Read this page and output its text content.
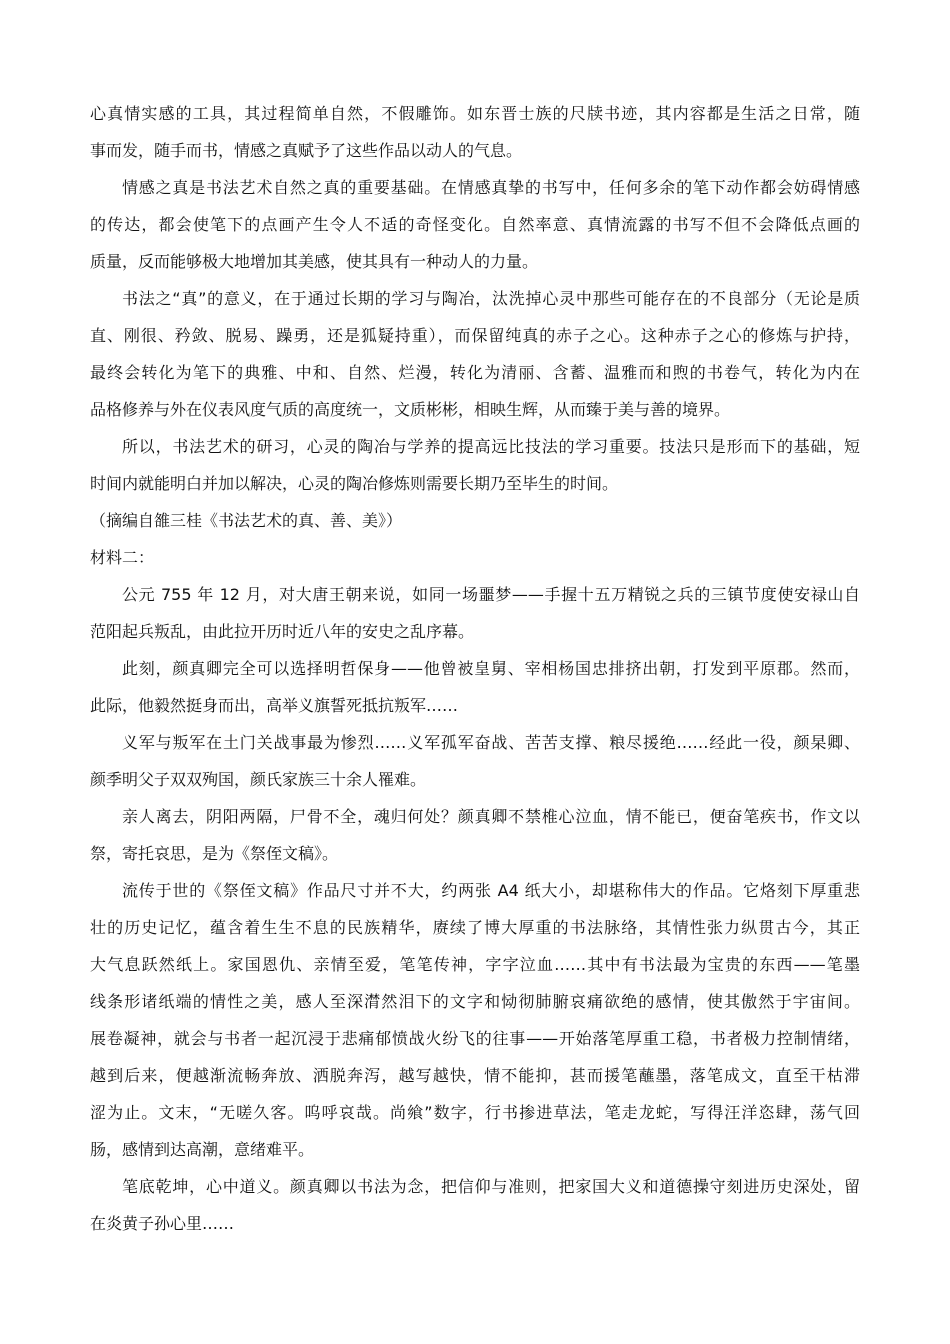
心真情实感的工具，其过程简单自然，不假雕饰。如东晋士族的尺牍书迹，其内容都是生活之日常，随
事而发，随手而书，情感之真赋予了这些作品以动人的气息。
情感之真是书法艺术自然之真的重要基础。在情感真挚的书写中，任何多余的笔下动作都会妨碍情感
的传达，都会使笔下的点画产生令人不适的奇怪变化。自然率意、真情流露的书写不但不会降低点画的
质量，反而能够极大地增加其美感，使其具有一种动人的力量。
书法之“真”的意义，在于通过长期的学习与陶冶，汰洗掉心灵中那些可能存在的不良部分（无论是质
直、刚很、矜敛、脱易、躁勇，还是狐疑持重），而保留纯真的赤子之心。这种赤子之心的修炼与护持，
最终会转化为笔下的典雅、中和、自然、烂漫，转化为清丽、含蓄、温雅而和煦的书卷气，转化为内在
品格修养与外在仪表风度气质的高度统一，文质彬彬，相映生辉，从而臻于美与善的境界。
所以，书法艺术的研习，心灵的陶冶与学养的提高远比技法的学习重要。技法只是形而下的基础，短
时间内就能明白并加以解决，心灵的陶冶修炼则需要长期乃至毕生的时间。
（摘编自雒三桂《书法艺术的真、善、美》）
材料二：
公元 755 年 12 月，对大唐王朝来说，如同一场噩梦——手握十五万精锐之兵的三镇节度使安禄山自
范阳起兵叛乱，由此拉开历时近八年的安史之乱序幕。
此刻，颜真卿完全可以选择明哲保身——他曾被皇舅、宰相杨国忠排挤出朝，打发到平原郡。然而，
此际，他毅然挺身而出，高举义旗誓死抵抗叛军……
义军与叛军在土门关战事最为惨烈……义军孤军奋战、苦苦支撑、粮尽援绝……经此一役，颜杲卿、
颜季明父子双双殉国，颜氏家族三十余人罹难。
亲人离去，阴阳两隔，尸骨不全，魂归何处？颜真卿不禁椎心泣血，情不能已，便奋笔疾书，作文以
祭，寄托哀思，是为《祭侄文稿》。
流传于世的《祭侄文稿》作品尺寸并不大，约两张 A4 纸大小，却堪称伟大的作品。它烙刻下厚重悲
壮的历史记忆，蕴含着生生不息的民族精华，赓续了博大厚重的书法脉络，其情性张力纵贯古今，其正
大气息跃然纸上。家国恩仇、亲情至爱，笔笔传神，字字泣血……其中有书法最为宝贵的东西——笔墨
线条形诸纸端的情性之美，感人至深潸然泪下的文字和恸彻肺腑哀痛欲绝的感情，使其傲然于宇宙间。
展卷凝神，就会与书者一起沉浸于悲痛郁愤战火纷飞的往事——开始落笔厚重工稳，书者极力控制情绪，
越到后来，便越渐流畅奔放、洒脱奔泻，越写越快，情不能抑，甚而援笔蘸墨，落笔成文，直至干枯滞
涩为止。文末，“无嗟久客。呜呼哀哉。尚飨”数字，行书掺进草法，笔走龙蛇，写得汪洋恣肆，荡气回
肠，感情到达高潮，意绪难平。
笔底乾坤，心中道义。颜真卿以书法为念，把信仰与准则，把家国大义和道德操守刻进历史深处，留
在炎黄子孙心里……
